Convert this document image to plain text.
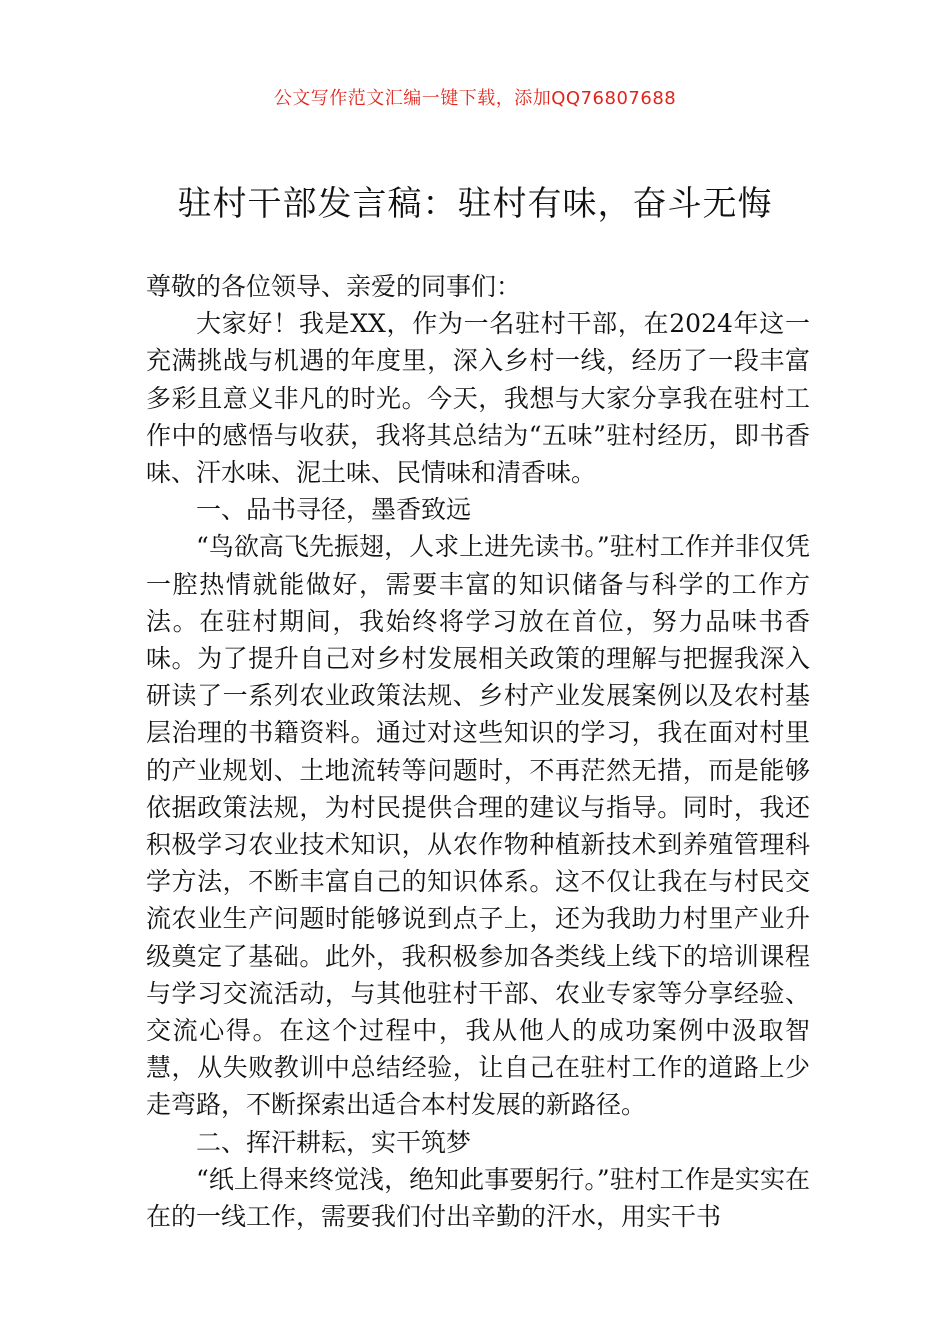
公文写作范文汇编一键下载，添加QQ76807688
驻村干部发言稿：驻村有味，奋斗无悔

尊敬的各位领导、亲爱的同事们：

大家好！我是XX，作为一名驻村干部，在2024年这一充满挑战与机遇的年度里，深入乡村一线，经历了一段丰富多彩且意义非凡的时光。今天，我想与大家分享我在驻村工作中的感悟与收获，我将其总结为“五味”驻村经历，即书香味、汗水味、泥土味、民情味和清香味。

一、品书寻径，墨香致远

“鸟欲高飞先振翅，人求上进先读书。”驻村工作并非仅凭一腔热情就能做好，需要丰富的知识储备与科学的工作方法。在驻村期间，我始终将学习放在首位，努力品味书香味。为了提升自己对乡村发展相关政策的理解与把握我深入研读了一系列农业政策法规、乡村产业发展案例以及农村基层治理的书籍资料。通过对这些知识的学习，我在面对村里的产业规划、土地流转等问题时，不再茫然无措，而是能够依据政策法规，为村民提供合理的建议与指导。同时，我还积极学习农业技术知识，从农作物种植新技术到养殖管理科学方法，不断丰富自己的知识体系。这不仅让我在与村民交流农业生产问题时能够说到点子上，还为我助力村里产业升级奠定了基础。此外，我积极参加各类线上线下的培训课程与学习交流活动，与其他驻村干部、农业专家等分享经验、交流心得。在这个过程中，我从他人的成功案例中汲取智慧，从失败教训中总结经验，让自己在驻村工作的道路上少走弯路，不断探索出适合本村发展的新路径。

二、挥汗耕耘，实干筑梦

“纸上得来终觉浅，绝知此事要躬行。”驻村工作是实实在在的一线工作，需要我们付出辛勤的汗水，用实干书
